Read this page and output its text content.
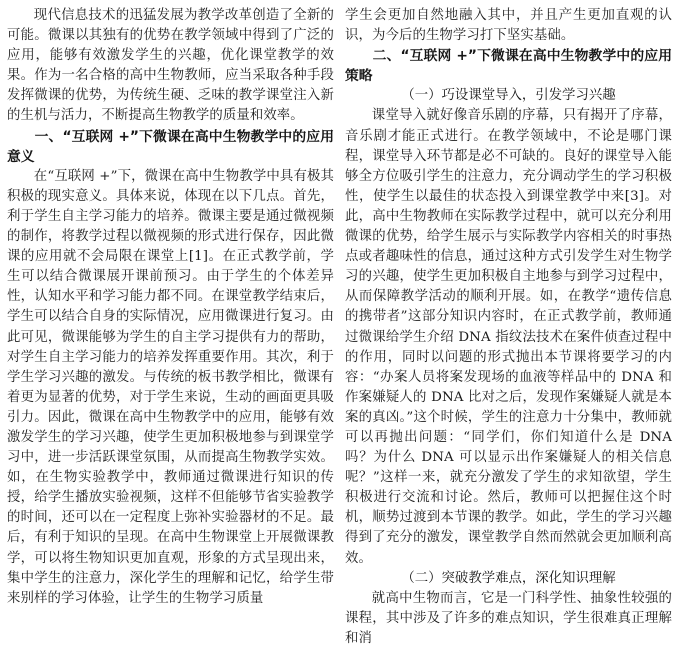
现代信息技术的迅猛发展为教学改革创造了全新的可能。微课以其独有的优势在教学领域中得到了广泛的应用，能够有效激发学生的兴趣，优化课堂教学的效果。作为一名合格的高中生物教师，应当采取各种手段发挥微课的优势，为传统生硬、乏味的教学课堂注入新的生机与活力，不断提高生物教学的质量和效率。

一、“互联网 +”下微课在高中生物教学中的应用意义

在“互联网 +”下，微课在高中生物教学中具有极其积极的现实意义。具体来说，体现在以下几点。首先，利于学生自主学习能力的培养。微课主要是通过微视频的制作，将教学过程以微视频的形式进行保存，因此微课的应用就不会局限在课堂上[1]。在正式教学前，学生可以结合微课展开课前预习。由于学生的个体差异性，认知水平和学习能力都不同。在课堂教学结束后，学生可以结合自身的实际情况，应用微课进行复习。由此可见，微课能够为学生的自主学习提供有力的帮助，对学生自主学习能力的培养发挥重要作用。其次，利于学生学习兴趣的激发。与传统的板书教学相比，微课有着更为显著的优势，对于学生来说，生动的画面更具吸引力。因此，微课在高中生物教学中的应用，能够有效激发学生的学习兴趣，使学生更加积极地参与到课堂学习中，进一步活跃课堂氛围，从而提高生物教学实效。如，在生物实验教学中，教师通过微课进行知识的传授，给学生播放实验视频，这样不但能够节省实验教学的时间，还可以在一定程度上弥补实验器材的不足。最后，有利于知识的呈现。在高中生物课堂上开展微课教学，可以将生物知识更加直观，形象的方式呈现出来，集中学生的注意力，深化学生的理解和记忆，给学生带来别样的学习体验，让学生的生物学习质量

学生会更加自然地融入其中，并且产生更加直观的认识，为今后的生物学习打下坚实基础。

二、“互联网 +”下微课在高中生物教学中的应用策略
（一）巧设课堂导入，引发学习兴趣

课堂导入就好像音乐剧的序幕，只有揭开了序幕，音乐剧才能正式进行。在教学领域中，不论是哪门课程，课堂导入环节都是必不可缺的。良好的课堂导入能够全方位吸引学生的注意力，充分调动学生的学习积极性，使学生以最佳的状态投入到课堂教学中来[3]。对此，高中生物教师在实际教学过程中，就可以充分利用微课的优势，给学生展示与实际教学内容相关的时事热点或者趣味性的信息，通过这种方式引发学生对生物学习的兴趣，使学生更加积极自主地参与到学习过程中，从而保障教学活动的顺利开展。如，在教学“遗传信息的携带者”这部分知识内容时，在正式教学前，教师通过微课给学生介绍 DNA 指纹法技术在案件侦查过程中的作用，同时以问题的形式抛出本节课将要学习的内容：“办案人员将案发现场的血液等样品中的 DNA 和作案嫌疑人的 DNA 比对之后，发现作案嫌疑人就是本案的真凶。”这个时候，学生的注意力十分集中，教师就可以再抛出问题：“同学们，你们知道什么是 DNA 吗？为什么 DNA 可以显示出作案嫌疑人的相关信息呢？”这样一来，就充分激发了学生的求知欲望，学生积极进行交流和讨论。然后，教师可以把握住这个时机，顺势过渡到本节课的教学。如此，学生的学习兴趣得到了充分的激发，课堂教学自然而然就会更加顺利高效。

（二）突破教学难点，深化知识理解

就高中生物而言，它是一门科学性、抽象性较强的课程，其中涉及了许多的难点知识，学生很难真正理解和消
